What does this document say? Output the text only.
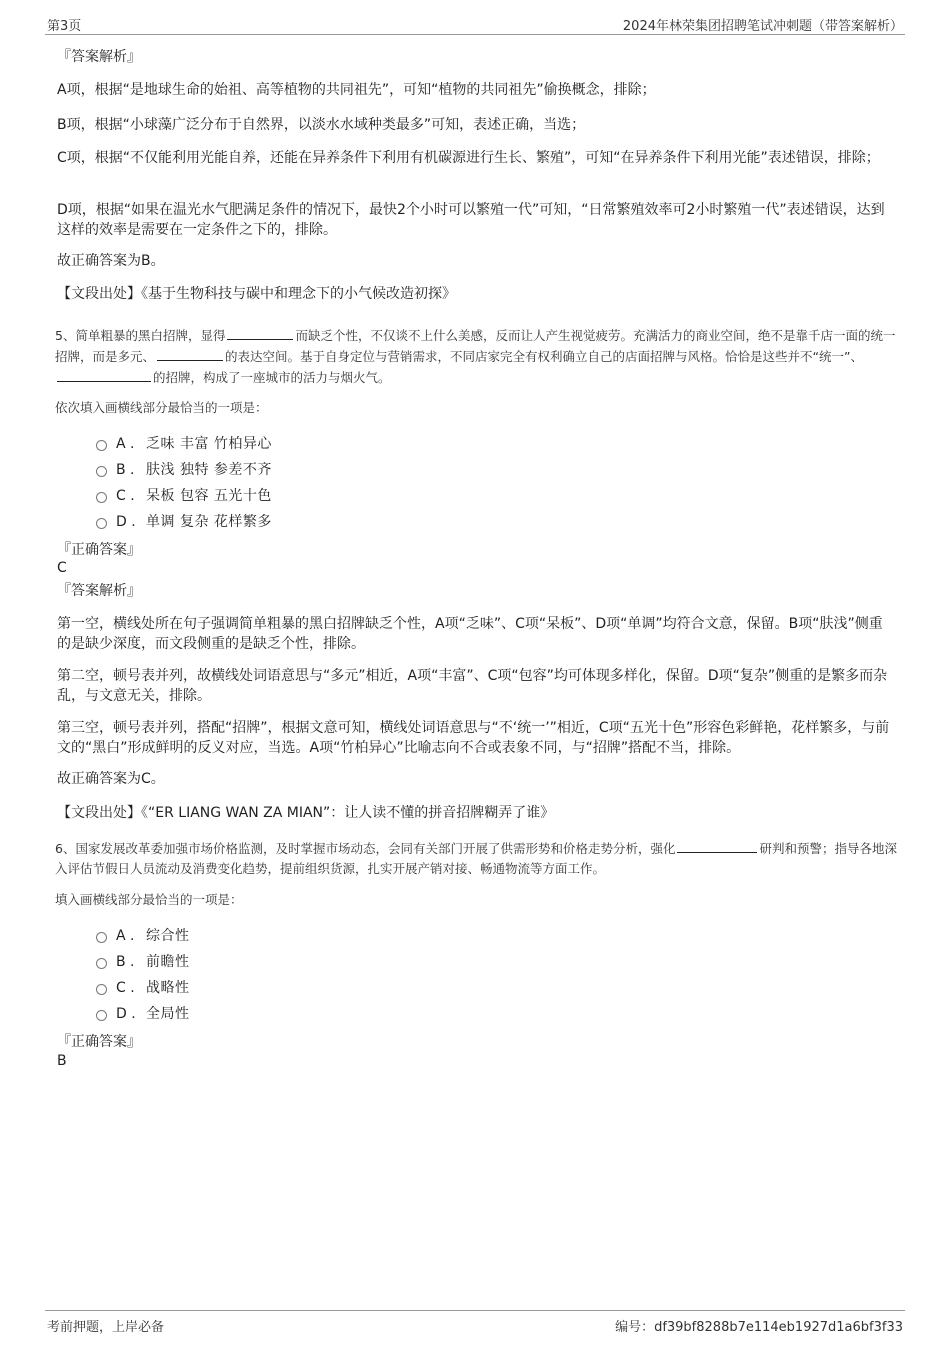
第3页	2024年林荣集团招聘笔试冲刺题（带答案解析）
『答案解析』
A项，根据“是地球生命的始祖、高等植物的共同祖先”，可知“植物的共同祖先”偷换概念，排除；
B项，根据“小球藻广泛分布于自然界，以淡水水域种类最多”可知，表述正确，当选；
C项，根据“不仅能利用光能自养，还能在异养条件下利用有机碳源进行生长、繁殖”，可知“在异养条件下利用光能”表述错误，排除；
D项，根据“如果在温光水气肥满足条件的情况下，最快2个小时可以繁殖一代”可知，“日常繁殖效率可2小时繁殖一代”表述错误，达到这样的效率是需要在一定条件之下的，排除。
故正确答案为B。
【文段出处】《基于生物科技与碳中和理念下的小气候改造初探》
5、简单粗暴的黑白招牌，显得	而缺乏个性，不仅谈不上什么美感，反而让人产生视觉疲劳。充满活力的商业空间，绝不是靠千店一面的统一招牌，而是多元、	的表达空间。基于自身定位与营销需求，不同店家完全有权利确立自己的店面招牌与风格。恰恰是这些并不“统一”、的招牌，构成了一座城市的活力与烟火气。
依次填入画横线部分最恰当的一项是：
A . 乏味 丰富 竹柏异心
B . 肤浅 独特 参差不齐
C . 呆板 包容 五光十色
D . 单调 复杂 花样繁多
『正确答案』
C
『答案解析』
第一空，横线处所在句子强调简单粗暴的黑白招牌缺乏个性，A项“乏味”、C项“呆板”、D项“单调”均符合文意，保留。B项“肤浅”侧重的是缺少深度，而文段侧重的是缺乏个性，排除。
第二空，顿号表并列，故横线处词语意思与“多元”相近，A项“丰富”、C项“包容”均可体现多样化，保留。D项“复杂”侧重的是繁多而杂乱，与文意无关，排除。
第三空，顿号表并列，搭配“招牌”，根据文意可知，横线处词语意思与“不‘统一’”相近，C项“五光十色”形容色彩鲜艳，花样繁多，与前文的“黑白”形成鲜明的反义对应，当选。A项“竹柏异心”比喻志向不合或表象不同，与“招牌”搭配不当，排除。
故正确答案为C。
【文段出处】《“ER LIANG WAN ZA MIAN”：让人读不懂的拼音招牌糊弄了谁》
6、国家发展改革委加强市场价格监测，及时掌握市场动态，会同有关部门开展了供需形势和价格走势分析，强化	研判和预警；指导各地深入评估节假日人员流动及消费变化趋势，提前组织货源，扎实开展产销对接、畅通物流等方面工作。
填入画横线部分最恰当的一项是：
A . 综合性
B . 前瞻性
C . 战略性
D . 全局性
『正确答案』
B
考前押题，上岸必备	编号：df39bf8288b7e114eb1927d1a6bf3f33
